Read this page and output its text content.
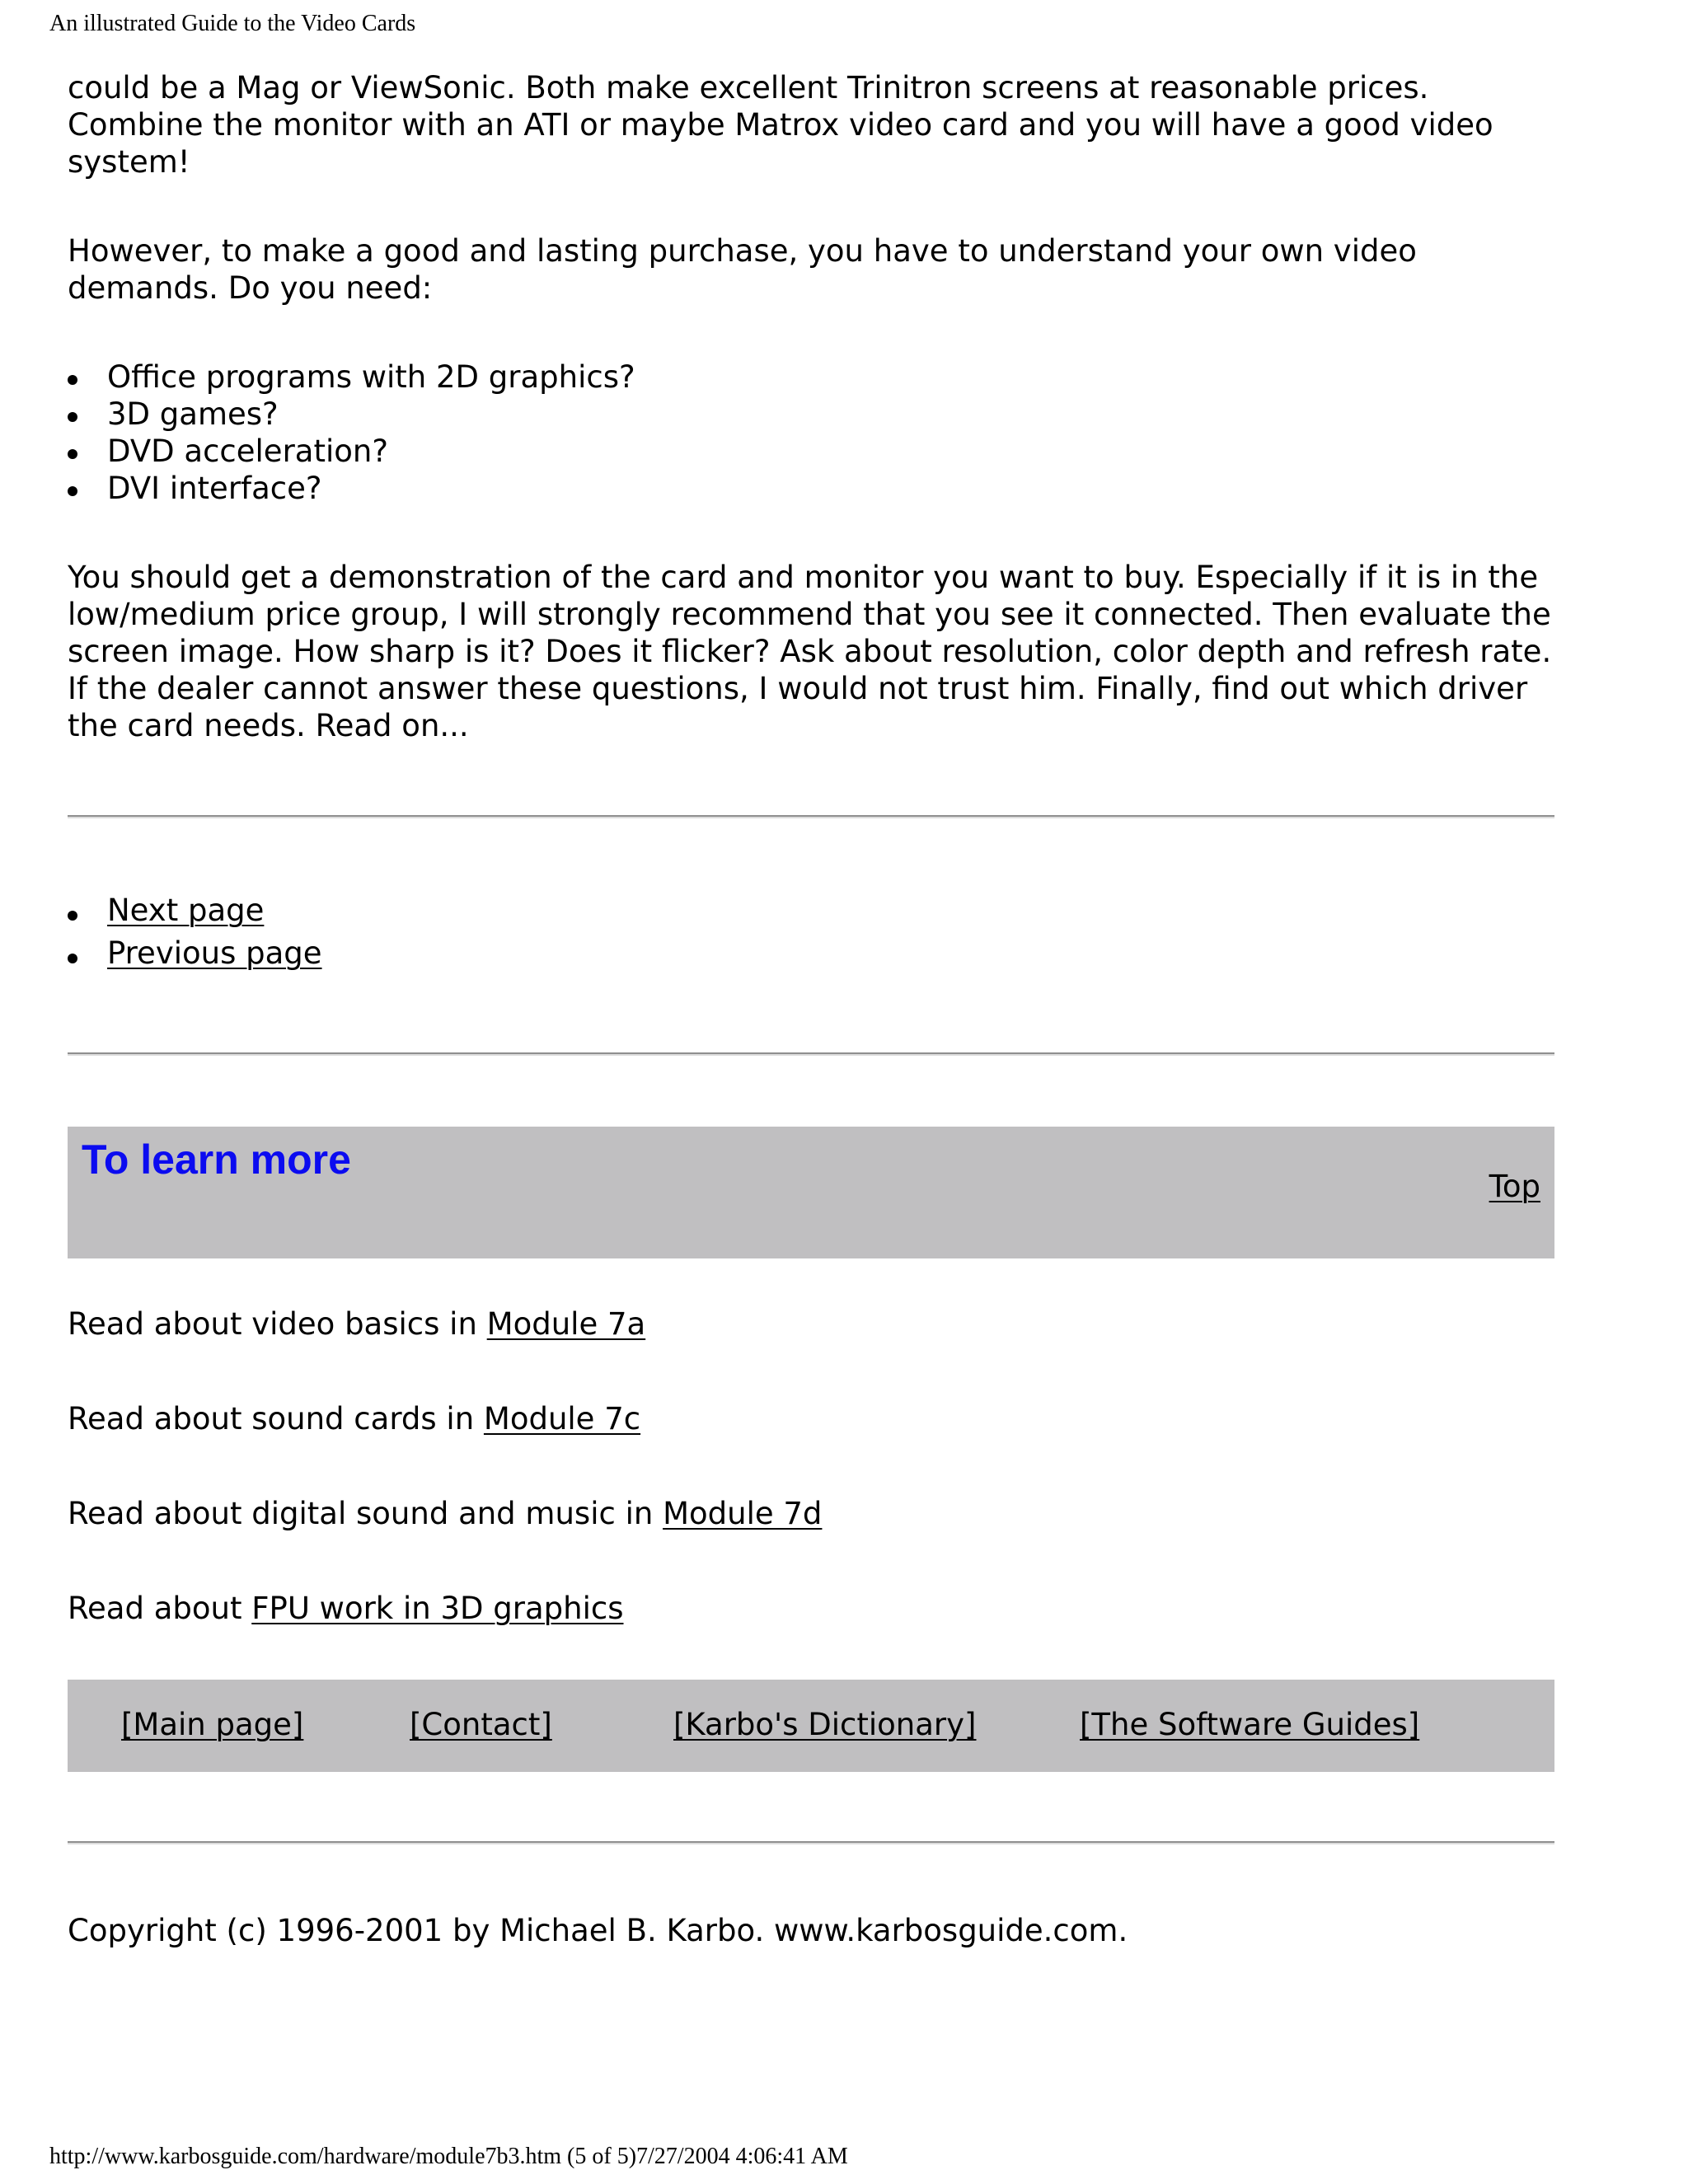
An illustrated Guide to the Video Cards

could be a Mag or ViewSonic. Both make excellent Trinitron screens at reasonable prices. Combine the monitor with an ATI or maybe Matrox video card and you will have a good video system!

However, to make a good and lasting purchase, you have to understand your own video demands. Do you need:

Office programs with 2D graphics?
3D games?
DVD acceleration?
DVI interface?

You should get a demonstration of the card and monitor you want to buy. Especially if it is in the low/medium price group, I will strongly recommend that you see it connected. Then evaluate the screen image. How sharp is it? Does it flicker? Ask about resolution, color depth and refresh rate. If the dealer cannot answer these questions, I would not trust him. Finally, find out which driver the card needs. Read on...

Next page
Previous page
To learn more
Top

Read about video basics in Module 7a

Read about sound cards in Module 7c

Read about digital sound and music in Module 7d

Read about FPU work in 3D graphics

[Main page]	[Contact]	[Karbo's Dictionary]	[The Software Guides]

Copyright (c) 1996-2001 by Michael B. Karbo. www.karbosguide.com.

http://www.karbosguide.com/hardware/module7b3.htm (5 of 5)7/27/2004 4:06:41 AM
